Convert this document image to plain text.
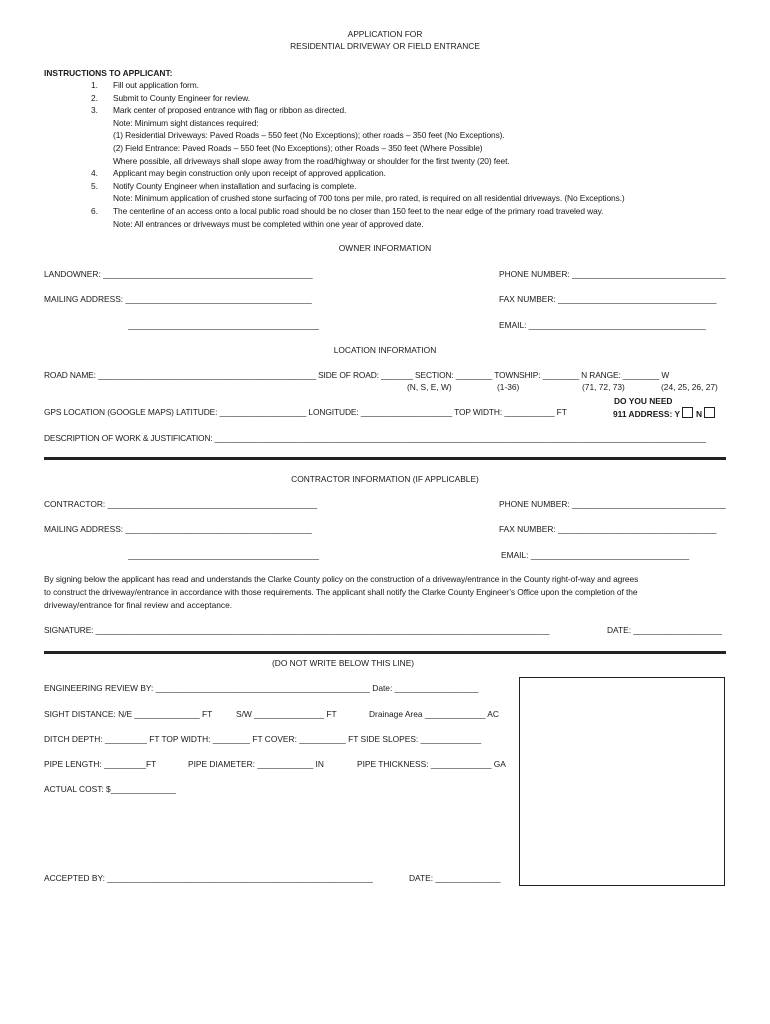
APPLICATION FOR
RESIDENTIAL DRIVEWAY OR FIELD ENTRANCE
INSTRUCTIONS TO APPLICANT:
1. Fill out application form.
2. Submit to County Engineer for review.
3. Mark center of proposed entrance with flag or ribbon as directed.
Note: Minimum sight distances required:
(1) Residential Driveways: Paved Roads – 550 feet (No Exceptions); other roads – 350 feet (No Exceptions).
(2) Field Entrance: Paved Roads – 550 feet (No Exceptions); other Roads – 350 feet (Where Possible)
Where possible, all driveways shall slope away from the road/highway or shoulder for the first twenty (20) feet.
4. Applicant may begin construction only upon receipt of approved application.
5. Notify County Engineer when installation and surfacing is complete.
Note: Minimum application of crushed stone surfacing of 700 tons per mile, pro rated, is required on all residential driveways. (No Exceptions.)
6. The centerline of an access onto a local public road should be no closer than 150 feet to the near edge of the primary road traveled way.
Note: All entrances or driveways must be completed within one year of approved date.
OWNER INFORMATION
LANDOWNER: _____________________________________________	PHONE NUMBER: _________________________________
MAILING ADDRESS: ________________________________________	FAX NUMBER: __________________________________
_________________________________________	EMAIL: ______________________________________
LOCATION INFORMATION
ROAD NAME: ________________________________________________ SIDE OF ROAD: _______ SECTION: ________ TOWNSHIP: ________ N RANGE: ________ W
(N, S, E, W)	(1-36)	(71, 72, 73)	(24, 25, 26, 27)
DO YOU NEED
GPS LOCATION (GOOGLE MAPS) LATITUDE: ___________________ LONGITUDE: ____________________ TOP WIDTH: ___________ FT	911 ADDRESS: Y N
DESCRIPTION OF WORK & JUSTIFICATION: _____________________________________________________________________________________________________________
CONTRACTOR INFORMATION (IF APPLICABLE)
CONTRACTOR: _____________________________________________	PHONE NUMBER: _________________________________
MAILING ADDRESS: ________________________________________	FAX NUMBER: __________________________________
_________________________________________	EMAIL: __________________________________
By signing below the applicant has read and understands the Clarke County policy on the construction of a driveway/entrance in the County right-of-way and agrees
to construct the driveway/entrance in accordance with those requirements. The applicant shall notify the Clarke County Engineer’s Office upon the completion of the
driveway/entrance for final review and acceptance.
SIGNATURE: ____________________________________________________________________________________________________	DATE: ___________________
(DO NOT WRITE BELOW THIS LINE)
ENGINEERING REVIEW BY: ______________________________________________ Date: __________________
SIGHT DISTANCE: N/E ______________ FT	S/W _______________ FT	Drainage Area _____________ AC
DITCH DEPTH: _________ FT TOP WIDTH: ________ FT COVER: __________ FT SIDE SLOPES: _____________
PIPE LENGTH: _________FT	PIPE DIAMETER: ____________ IN	PIPE THICKNESS: _____________ GA
ACTUAL COST: $______________
ACCEPTED BY: _________________________________________________________	DATE: ______________
